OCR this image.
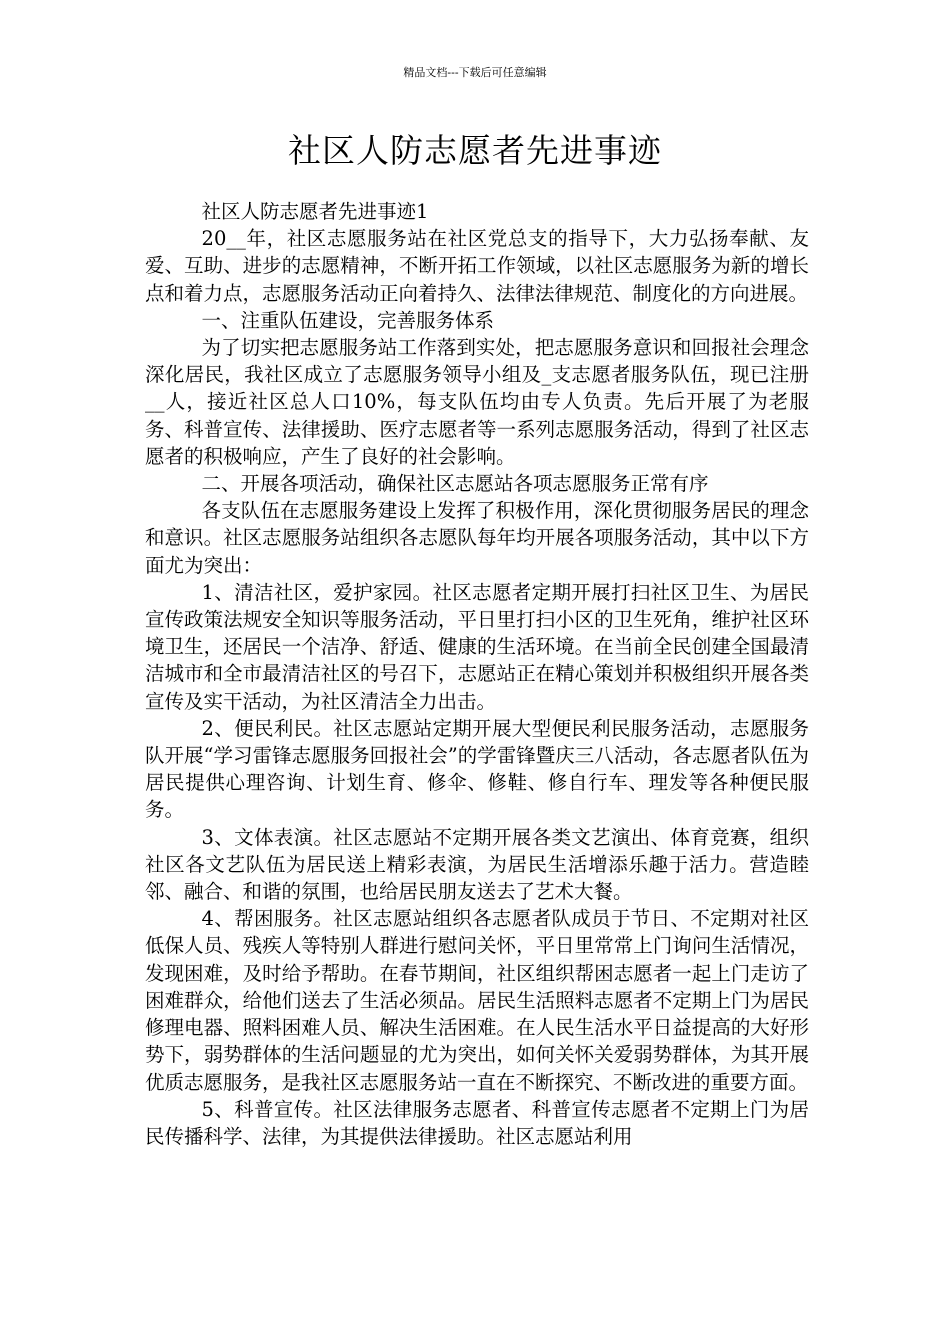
精品文档---下载后可任意编辑
社区人防志愿者先进事迹

社区人防志愿者先进事迹1

20__年，社区志愿服务站在社区党总支的指导下，大力弘扬奉献、友爱、互助、进步的志愿精神，不断开拓工作领域，以社区志愿服务为新的增长点和着力点，志愿服务活动正向着持久、法律法律规范、制度化的方向进展。

一、注重队伍建设，完善服务体系

为了切实把志愿服务站工作落到实处，把志愿服务意识和回报社会理念深化居民，我社区成立了志愿服务领导小组及_支志愿者服务队伍，现已注册__人，接近社区总人口10%，每支队伍均由专人负责。先后开展了为老服务、科普宣传、法律援助、医疗志愿者等一系列志愿服务活动，得到了社区志愿者的积极响应，产生了良好的社会影响。

二、开展各项活动，确保社区志愿站各项志愿服务正常有序

各支队伍在志愿服务建设上发挥了积极作用，深化贯彻服务居民的理念和意识。社区志愿服务站组织各志愿队每年均开展各项服务活动，其中以下方面尤为突出：

1、清洁社区，爱护家园。社区志愿者定期开展打扫社区卫生、为居民宣传政策法规安全知识等服务活动，平日里打扫小区的卫生死角，维护社区环境卫生，还居民一个洁净、舒适、健康的生活环境。在当前全民创建全国最清洁城市和全市最清洁社区的号召下，志愿站正在精心策划并积极组织开展各类宣传及实干活动，为社区清洁全力出击。

2、便民利民。社区志愿站定期开展大型便民利民服务活动，志愿服务队开展“学习雷锋志愿服务回报社会”的学雷锋暨庆三八活动，各志愿者队伍为居民提供心理咨询、计划生育、修伞、修鞋、修自行车、理发等各种便民服务。

3、文体表演。社区志愿站不定期开展各类文艺演出、体育竞赛，组织社区各文艺队伍为居民送上精彩表演，为居民生活增添乐趣于活力。营造睦邻、融合、和谐的氛围，也给居民朋友送去了艺术大餐。

4、帮困服务。社区志愿站组织各志愿者队成员于节日、不定期对社区低保人员、残疾人等特别人群进行慰问关怀，平日里常常上门询问生活情况，发现困难，及时给予帮助。在春节期间，社区组织帮困志愿者一起上门走访了困难群众，给他们送去了生活必须品。居民生活照料志愿者不定期上门为居民修理电器、照料困难人员、解决生活困难。在人民生活水平日益提高的大好形势下，弱势群体的生活问题显的尤为突出，如何关怀关爱弱势群体，为其开展优质志愿服务，是我社区志愿服务站一直在不断探究、不断改进的重要方面。

5、科普宣传。社区法律服务志愿者、科普宣传志愿者不定期上门为居民传播科学、法律，为其提供法律援助。社区志愿站利用
